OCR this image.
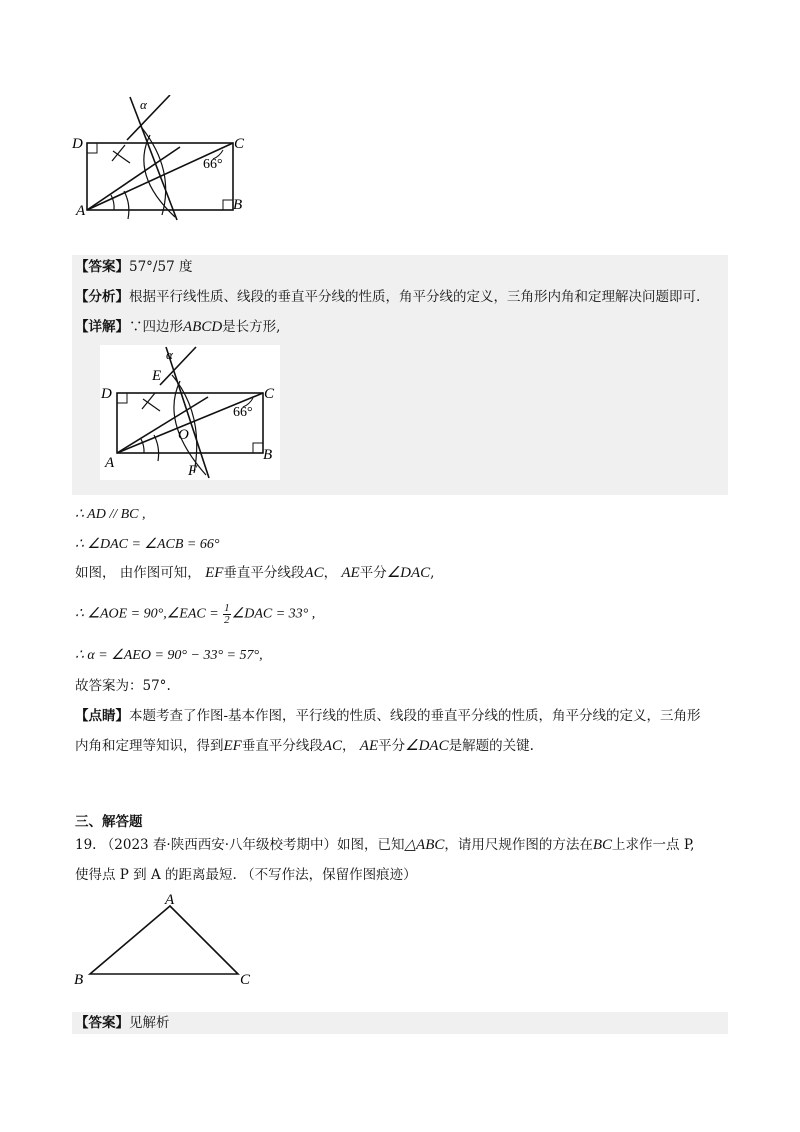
α
D	C
A	B
66°
【答案】57°/57 度
【分析】根据平行线性质、线段的垂直平分线的性质，角平分线的定义，三角形内角和定理解决问题即可.
【详解】∵四边形ABCD是长方形,
α
E
D	C
A	B
O
F
66°
∴ AD // BC ,
∴ ∠DAC = ∠ACB = 66°
如图， 由作图可知， EF垂直平分线段AC， AE平分∠DAC,
∴ ∠AOE = 90°,∠EAC = $\frac{1}{2}$ ∠DAC = 33° ,
∴ α = ∠AEO = 90° − 33° = 57°,
故答案为：57°.
【点睛】本题考查了作图-基本作图，平行线的性质、线段的垂直平分线的性质，角平分线的定义，三角形
内角和定理等知识，得到EF垂直平分线段AC， AE平分∠DAC是解题的关键.
三、解答题
19. （2023 春·陕西西安·八年级校考期中）如图，已知△ABC，请用尺规作图的方法在BC上求作一点 P,
使得点 P 到 A 的距离最短. （不写作法，保留作图痕迹）
A
B	C
【答案】见解析
